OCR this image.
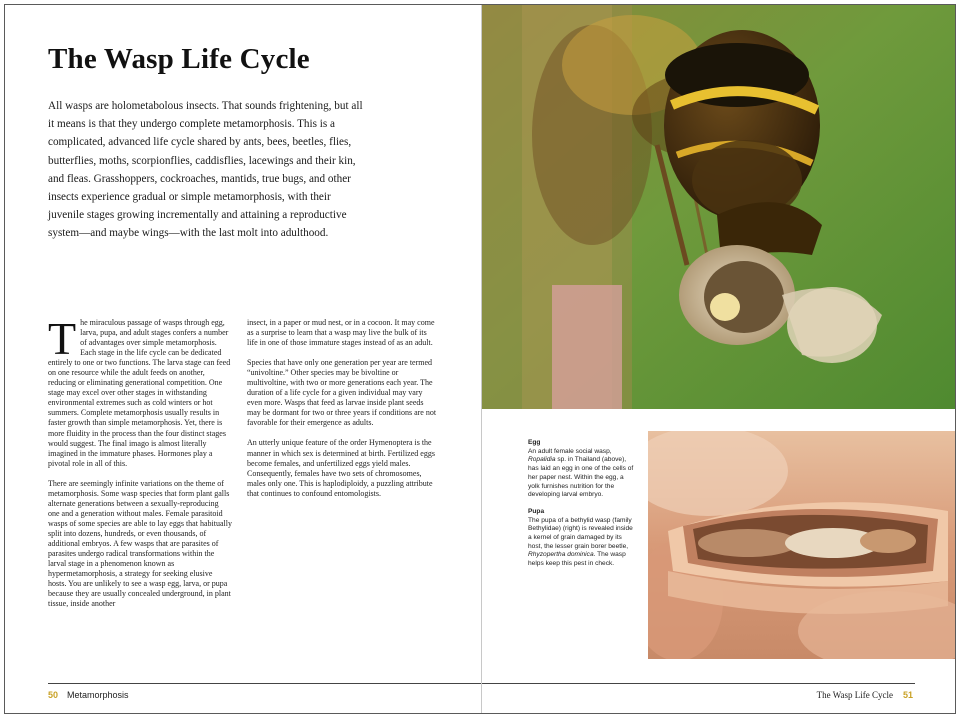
The Wasp Life Cycle

All wasps are holometabolous insects. That sounds frightening, but all it means is that they undergo complete metamorphosis. This is a complicated, advanced life cycle shared by ants, bees, beetles, flies, butterflies, moths, scorpionflies, caddisflies, lacewings and their kin, and fleas. Grasshoppers, cockroaches, mantids, true bugs, and other insects experience gradual or simple metamorphosis, with their juvenile stages growing incrementally and attaining a reproductive system—and maybe wings—with the last molt into adulthood.

The miraculous passage of wasps through egg, larva, pupa, and adult stages confers a number of advantages over simple metamorphosis. Each stage in the life cycle can be dedicated entirely to one or two functions. The larva stage can feed on one resource while the adult feeds on another, reducing or eliminating generational competition. One stage may excel over other stages in withstanding environmental extremes such as cold winters or hot summers. Complete metamorphosis usually results in faster growth than simple metamorphosis. Yet, there is more fluidity in the process than the four distinct stages would suggest. The final imago is almost literally imagined in the immature phases. Hormones play a pivotal role in all of this.

There are seemingly infinite variations on the theme of metamorphosis. Some wasp species that form plant galls alternate generations between a sexually-reproducing one and a generation without males. Female parasitoid wasps of some species are able to lay eggs that habitually split into dozens, hundreds, or even thousands, of additional embryos. A few wasps that are parasites of parasites undergo radical transformations within the larval stage in a phenomenon known as hypermetamorphosis, a strategy for seeking elusive hosts. You are unlikely to see a wasp egg, larva, or pupa because they are usually concealed underground, in plant tissue, inside another

insect, in a paper or mud nest, or in a cocoon. It may come as a surprise to learn that a wasp may live the bulk of its life in one of those immature stages instead of as an adult.

Species that have only one generation per year are termed “univoltine.” Other species may be bivoltine or multivoltine, with two or more generations each year. The duration of a life cycle for a given individual may vary even more. Wasps that feed as larvae inside plant seeds may be dormant for two or three years if conditions are not favorable for their emergence as adults.

An utterly unique feature of the order Hymenoptera is the manner in which sex is determined at birth. Fertilized eggs become females, and unfertilized eggs yield males. Consequently, females have two sets of chromosomes, males only one. This is haplodiploidy, a puzzling attribute that continues to confound entomologists.

50 Metamorphosis
Egg
An adult female social wasp, Ropalidia sp. in Thailand (above), has laid an egg in one of the cells of her paper nest. Within the egg, a yolk furnishes nutrition for the developing larval embryo.
Pupa
The pupa of a bethylid wasp (family Bethylidae) (right) is revealed inside a kernel of grain damaged by its host, the lesser grain borer beetle, Rhyzopertha dominica. The wasp helps keep this pest in check.
The Wasp Life Cycle 51
